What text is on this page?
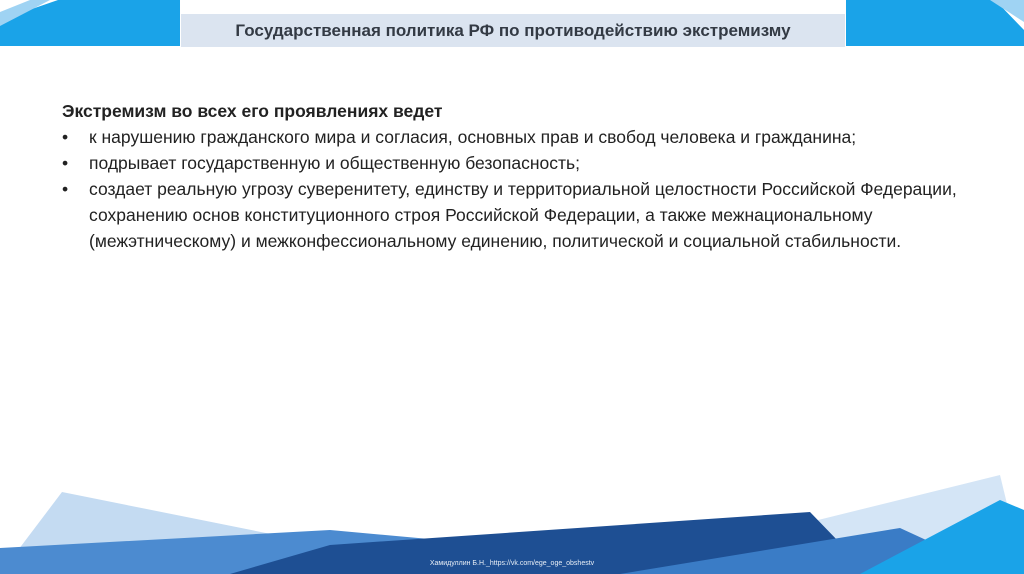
Государственная политика РФ по противодействию экстремизму

Экстремизм во всех его проявлениях ведет

• к нарушению гражданского мира и согласия, основных прав и свобод человека и гражданина;
• подрывает государственную и общественную безопасность;
• создает реальную угрозу суверенитету, единству и территориальной целостности Российской Федерации, сохранению основ конституционного строя Российской Федерации, а также межнациональному (межэтническому) и межконфессиональному единению, политической и социальной стабильности.
Хамидуллин Б.Н._https://vk.com/ege_oge_obshestv
